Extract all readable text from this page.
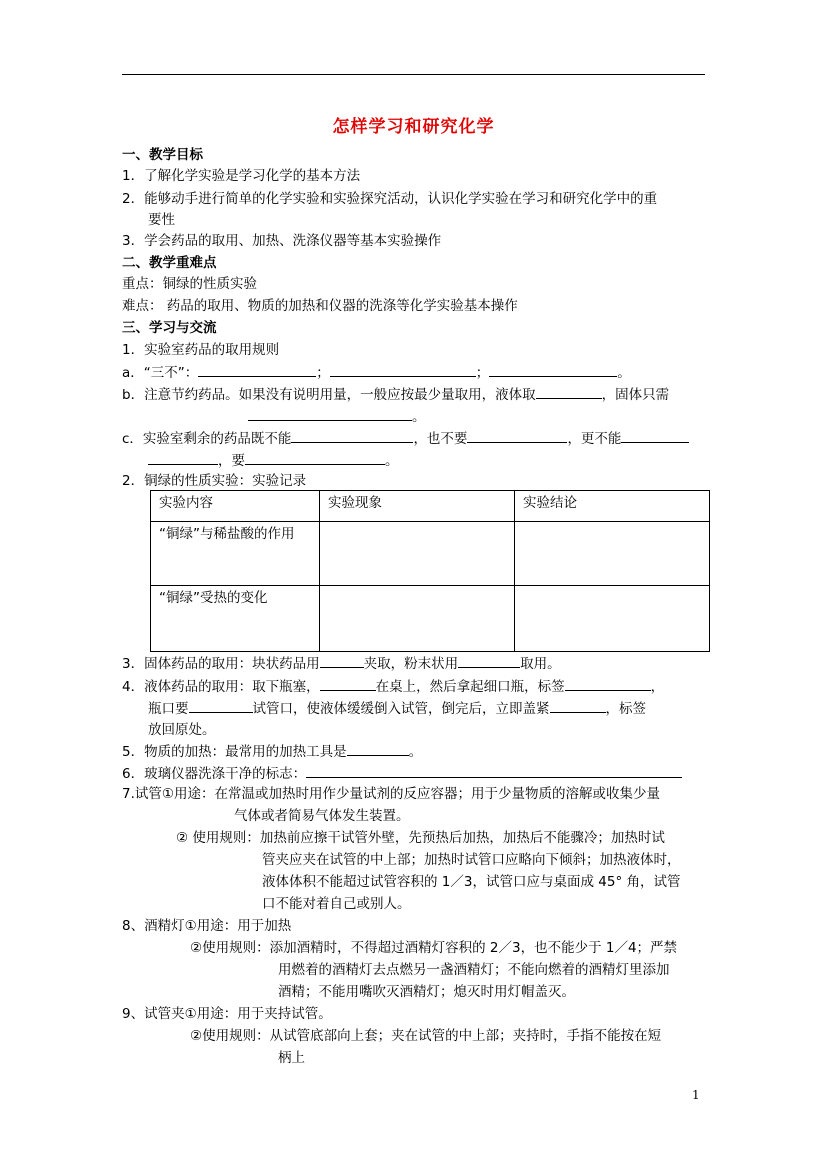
怎样学习和研究化学
一、教学目标
1．了解化学实验是学习化学的基本方法
2．能够动手进行简单的化学实验和实验探究活动，认识化学实验在学习和研究化学中的重
要性
3．学会药品的取用、加热、洗涤仪器等基本实验操作
二、教学重难点
重点：铜绿的性质实验
难点： 药品的取用、物质的加热和仪器的洗涤等化学实验基本操作
三、学习与交流
1．实验室药品的取用规则
a．“三不”：	；	；	。
b．注意节约药品。如果没有说明用量，一般应按最少量取用，液体取	，固体只需
。
c．实验室剩余的药品既不能	，也不要	，更不能
，要	。
2．铜绿的性质实验：实验记录
实验内容	实验现象	实验结论
“铜绿”与稀盐酸的作用		
“铜绿”受热的变化		
3．固体药品的取用：块状药品用	夹取，粉末状用	取用。
4．液体药品的取用：取下瓶塞，	在桌上，然后拿起细口瓶，标签	，
瓶口要	试管口，使液体缓缓倒入试管，倒完后，立即盖紧	，标签
放回原处。
5．物质的加热：最常用的加热工具是	。
6．玻璃仪器洗涤干净的标志：
7.试管①用途：在常温或加热时用作少量试剂的反应容器；用于少量物质的溶解或收集少量
气体或者简易气体发生装置。
② 使用规则：加热前应擦干试管外壁，先预热后加热，加热后不能骤冷；加热时试
管夹应夹在试管的中上部；加热时试管口应略向下倾斜；加热液体时，
液体体积不能超过试管容积的 1／3，试管口应与桌面成 45° 角，试管
口不能对着自己或别人。
8、酒精灯①用途：用于加热
②使用规则：添加酒精时，不得超过酒精灯容积的 2／3，也不能少于 1／4；严禁
用燃着的酒精灯去点燃另一盏酒精灯；不能向燃着的酒精灯里添加
酒精；不能用嘴吹灭酒精灯；熄灭时用灯帽盖灭。
9、试管夹①用途：用于夹持试管。
②使用规则：从试管底部向上套；夹在试管的中上部；夹持时，手指不能按在短
柄上
1
